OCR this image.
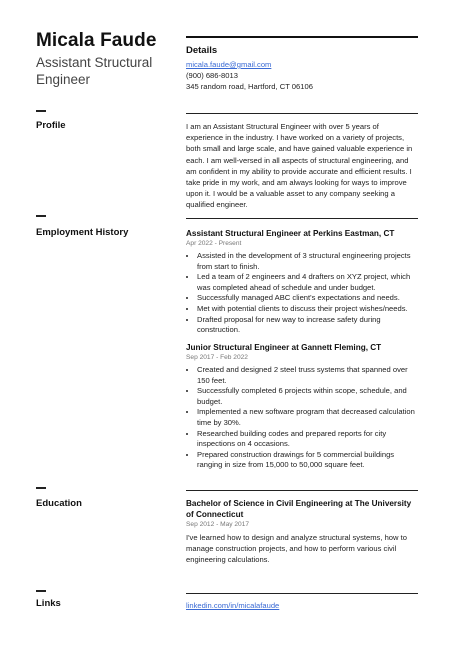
Micala Faude
Assistant Structural Engineer
Details
micala.faude@gmail.com
(900) 686-8013
345 random road, Hartford, CT 06106
Profile	I am an Assistant Structural Engineer with over 5 years of experience in the industry. I have worked on a variety of projects, both small and large scale, and have gained valuable experience in each. I am well-versed in all aspects of structural engineering, and am confident in my ability to provide accurate and efficient results. I take pride in my work, and am always looking for ways to improve upon it. I would be a valuable asset to any company seeking a qualified engineer.
Employment History	Assistant Structural Engineer at Perkins Eastman, CT
Apr 2022 - Present
• Assisted in the development of 3 structural engineering projects from start to finish.
• Led a team of 2 engineers and 4 drafters on XYZ project, which was completed ahead of schedule and under budget.
• Successfully managed ABC client's expectations and needs.
• Met with potential clients to discuss their project wishes/needs.
• Drafted proposal for new way to increase safety during construction.
Junior Structural Engineer at Gannett Fleming, CT
Sep 2017 - Feb 2022
• Created and designed 2 steel truss systems that spanned over 150 feet.
• Successfully completed 6 projects within scope, schedule, and budget.
• Implemented a new software program that decreased calculation time by 30%.
• Researched building codes and prepared reports for city inspections on 4 occasions.
• Prepared construction drawings for 5 commercial buildings ranging in size from 15,000 to 50,000 square feet.
Education	Bachelor of Science in Civil Engineering at The University of Connecticut
Sep 2012 - May 2017
I've learned how to design and analyze structural systems, how to manage construction projects, and how to perform various civil engineering calculations.
Links	linkedin.com/in/micalafaude
